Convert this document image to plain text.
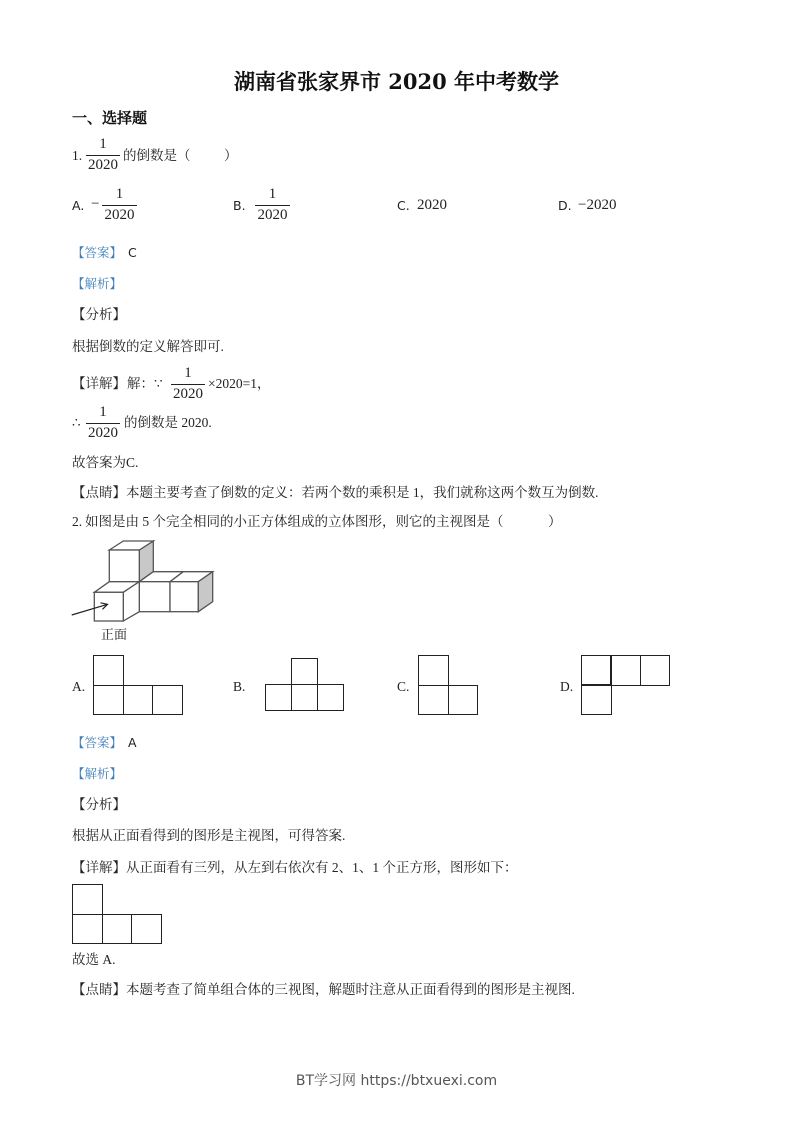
湖南省张家界市 2020 年中考数学
一、选择题
1. $\frac{1}{2020}$ 的倒数是（ ）
A. − $\frac{1}{2020}$	B. $\frac{1}{2020}$	C. 2020	D. −2020
【答案】 C
【解析】
【分析】
根据倒数的定义解答即可.
【详解】 解： ∵ $\frac{1}{2020} \times 2020=1$，
∴ $\frac{1}{2020}$ 的倒数是 2020.
故答案为C.
【点睛】 本题主要考查了倒数的定义：若两个数的乘积是 1，我们就称这两个数互为倒数.
2. 如图是由 5 个完全相同的小正方体组成的立体图形，则它的主视图是（	）
正面
A.	B.	C.	D.
【答案】 A
【解析】
【分析】
根据从正面看得到的图形是主视图，可得答案.
【详解】 从正面看有三列，从左到右依次有 2、1、1 个正方形，图形如下：
故选 A.
【点睛】 本题考查了简单组合体的三视图，解题时注意从正面看得到的图形是主视图.
BT学习网 https://btxuexi.com
